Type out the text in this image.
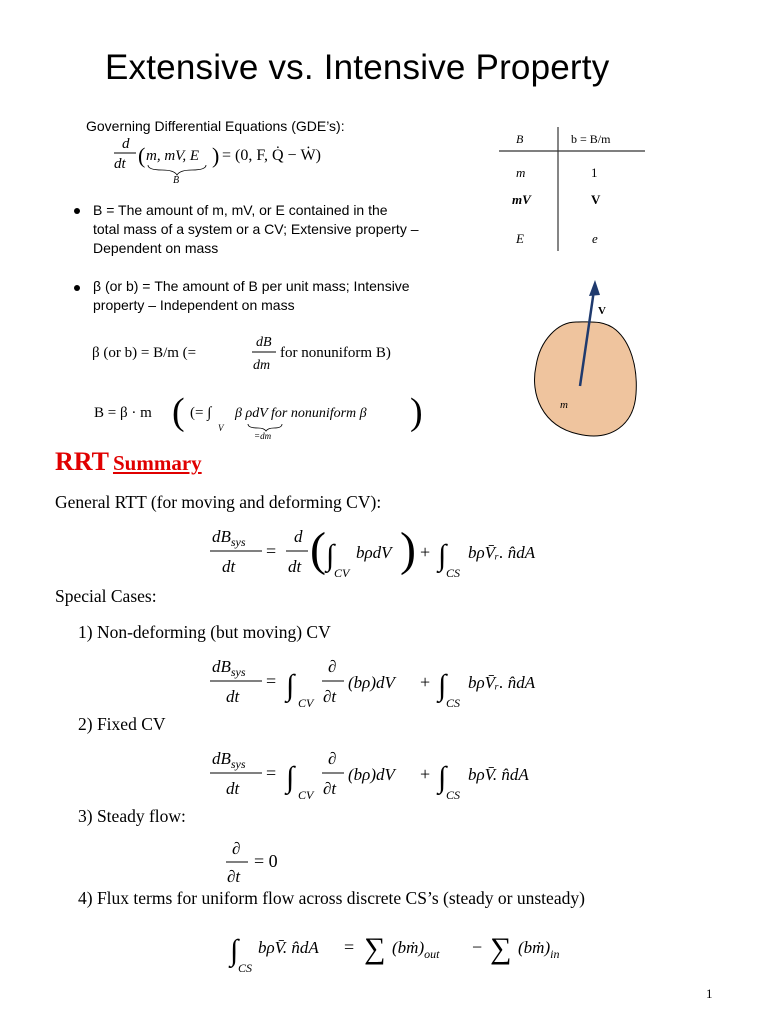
Extensive vs. Intensive Property
Governing Differential Equations (GDE’s):
d
dt ( m, mV, E
B
) = (0, F, Q̇ − Ẇ)
B = The amount of m, mV, or E contained in the
total mass of a system or a CV; Extensive property –
Dependent on mass
β (or b) = The amount of B per unit mass; Intensive
property – Independent on mass
β (or b) = B/m (=
dB
dm
for nonuniform B)
B = β · m ( (= ∫
V
β ρdV for nonuniform β
=dm
)
B	b = B/m
m	1
mV	V
E	e
V
m
RRT Summary
General RTT (for moving and deforming CV):
$dB_{sys}$
dt
=
d
dt ( ∫
CV
bρdV ) + ∫
CS
bρV̄ᵣ. n̂dA
Special Cases:
1) Non-deforming (but moving) CV
$dB_{sys}$
dt
= ∫
CV
∂
∂t
(bρ)dV + ∫
CS
bρV̄ᵣ. n̂dA
2) Fixed CV
$dB_{sys}$
dt
= ∫
CV
∂
∂t
(bρ)dV + ∫
CS
bρV̄. n̂dA
3) Steady flow:
∂
∂t
= 0
4) Flux terms for uniform flow across discrete CS’s (steady or unsteady)
∫
CS
bρV̄. n̂dA = ∑ $(bṁ)_{out}$ − ∑ $(bṁ)_{in}$
1
